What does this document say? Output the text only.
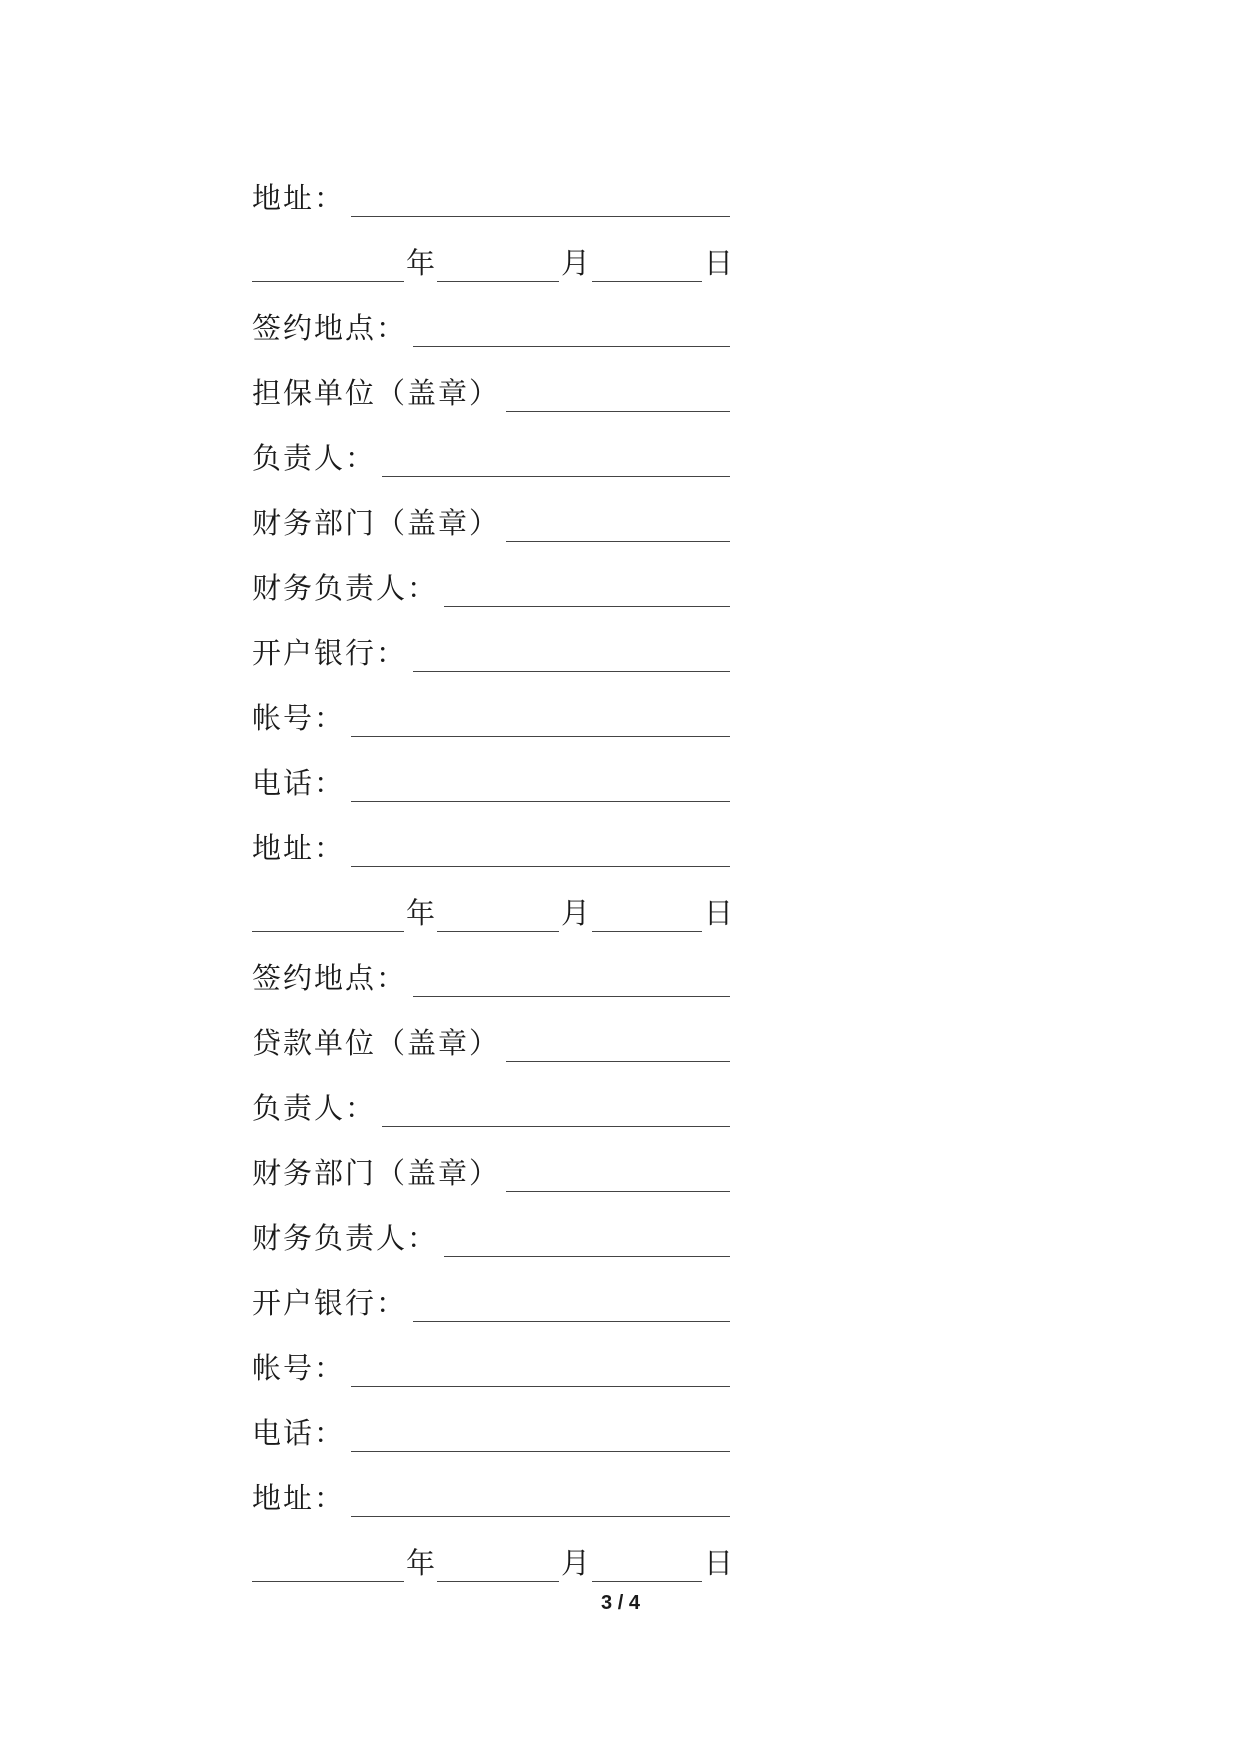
地址：
年	月	日
签约地点：
担保单位（盖章）
负责人：
财务部门（盖章）
财务负责人：
开户银行：
帐号：
电话：
地址：
年	月	日
签约地点：
贷款单位（盖章）
负责人：
财务部门（盖章）
财务负责人：
开户银行：
帐号：
电话：
地址：
年	月	日
3 / 4
